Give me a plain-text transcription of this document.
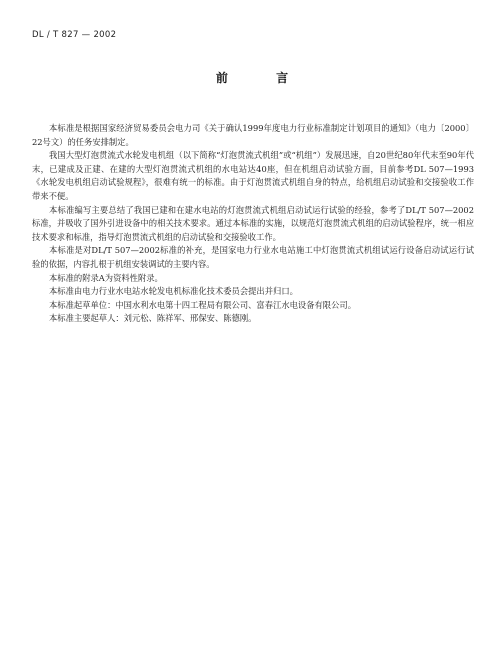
DL / T 827 — 2002
前 言

本标准是根据国家经济贸易委员会电力司《关于确认1999年度电力行业标准制定计划项目的通知》（电力〔2000〕22号文）的任务安排制定。

我国大型灯泡贯流式水轮发电机组（以下简称“灯泡贯流式机组”或“机组”）发展迅速，自20世纪80年代末至90年代末，已建成及正建、在建的大型灯泡贯流式机组的水电站达40座，但在机组启动试验方面，目前参考DL 507—1993《水轮发电机组启动试验规程》，很难有统一的标准。由于灯泡贯流式机组自身的特点，给机组启动试验和交接验收工作带来不便。

本标准编写主要总结了我国已建和在建水电站的灯泡贯流式机组启动试运行试验的经验，参考了DL/T 507—2002标准，并吸收了国外引进设备中的相关技术要求。通过本标准的实施，以规范灯泡贯流式机组的启动试验程序，统一相应技术要求和标准，指导灯泡贯流式机组的启动试验和交接验收工作。

本标准是对DL/T 507—2002标准的补充，是国家电力行业水电站施工中灯泡贯流式机组试运行设备启动试运行试验的依据，内容扎根于机组安装调试的主要内容。

本标准的附录A为资料性附录。

本标准由电力行业水电站水轮发电机标准化技术委员会提出并归口。

本标准起草单位：中国水利水电第十四工程局有限公司、富春江水电设备有限公司。

本标准主要起草人：刘元松、陈祥军、邢保安、陈德刚。
